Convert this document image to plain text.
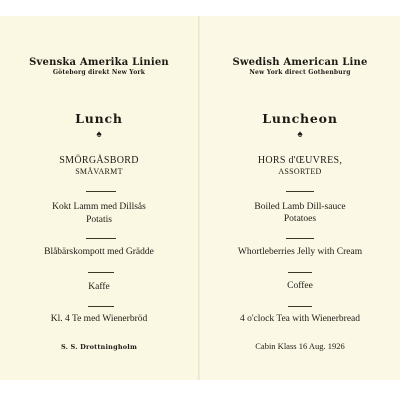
Svenska Amerika Linien
Göteborg direkt New York
Lunch
♠
SMÖRGÅSBORD
SMÅVARMT
Kokt Lamm med Dillsås
Potatis
Blåbärskompott med Grädde
Kaffe
Kl. 4 Te med Wienerbröd
S. S. Drottningholm
Swedish American Line
New York direct Gothenburg
Luncheon
♠
HORS d'ŒUVRES,
ASSORTED
Boiled Lamb Dill-sauce
Potatoes
Whortleberries Jelly with Cream
Coffee
4 o'clock Tea with Wienerbread
Cabin Klass 16 Aug. 1926
